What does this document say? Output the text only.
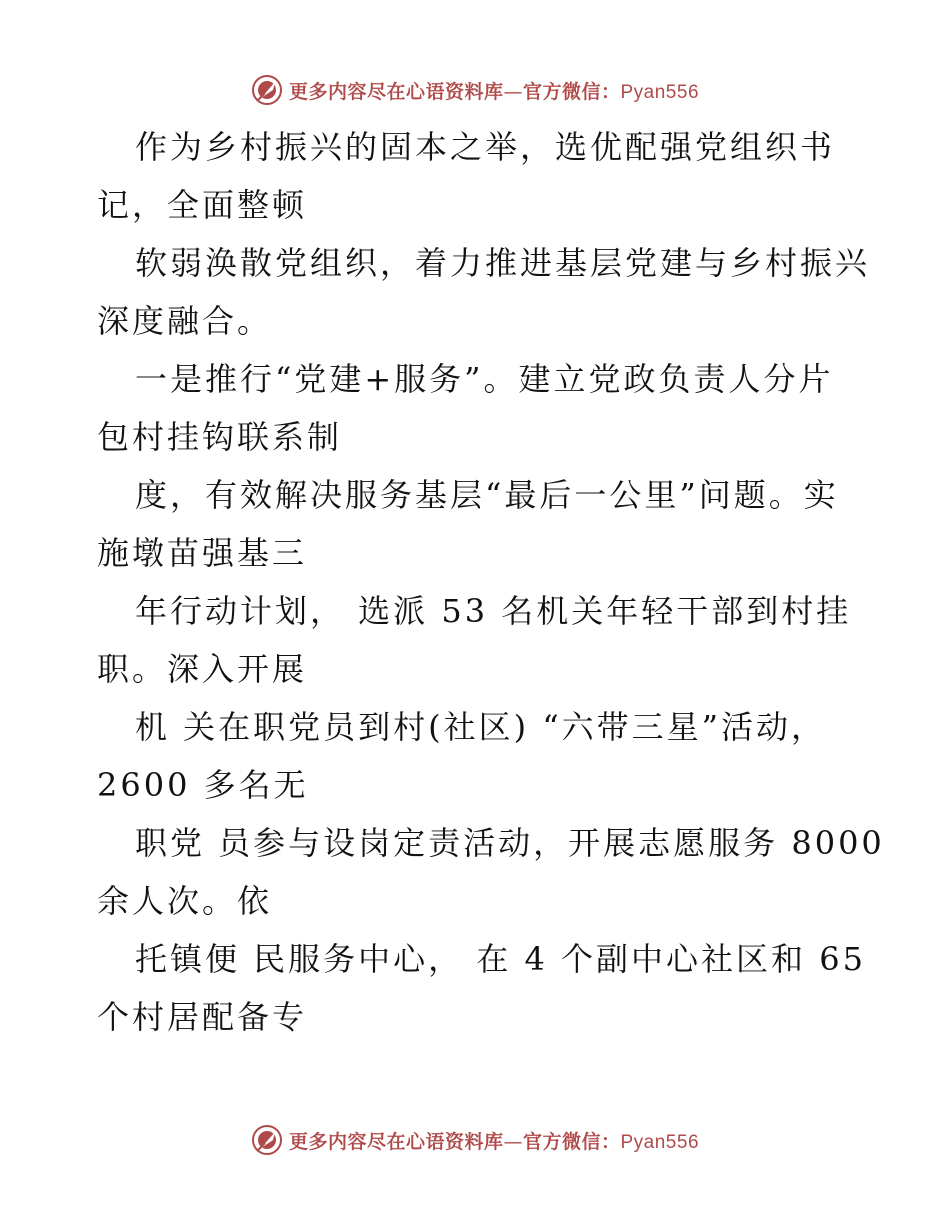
更多内容尽在心语资料库—官方微信：Pyan556

作为乡村振兴的固本之举，选优配强党组织书
记，全面整顿

软弱涣散党组织，着力推进基层党建与乡村振兴
深度融合。

一是推行“党建+服务”。建立党政负责人分片
包村挂钩联系制

度，有效解决服务基层“最后一公里”问题。实
施墩苗强基三

年行动计划， 选派 53 名机关年轻干部到村挂
职。深入开展

机 关在职党员到村(社区) “六带三星”活动，
2600 多名无

职党 员参与设岗定责活动，开展志愿服务 8000
余人次。依

托镇便 民服务中心， 在 4 个副中心社区和 65
个村居配备专

更多内容尽在心语资料库—官方微信：Pyan556
